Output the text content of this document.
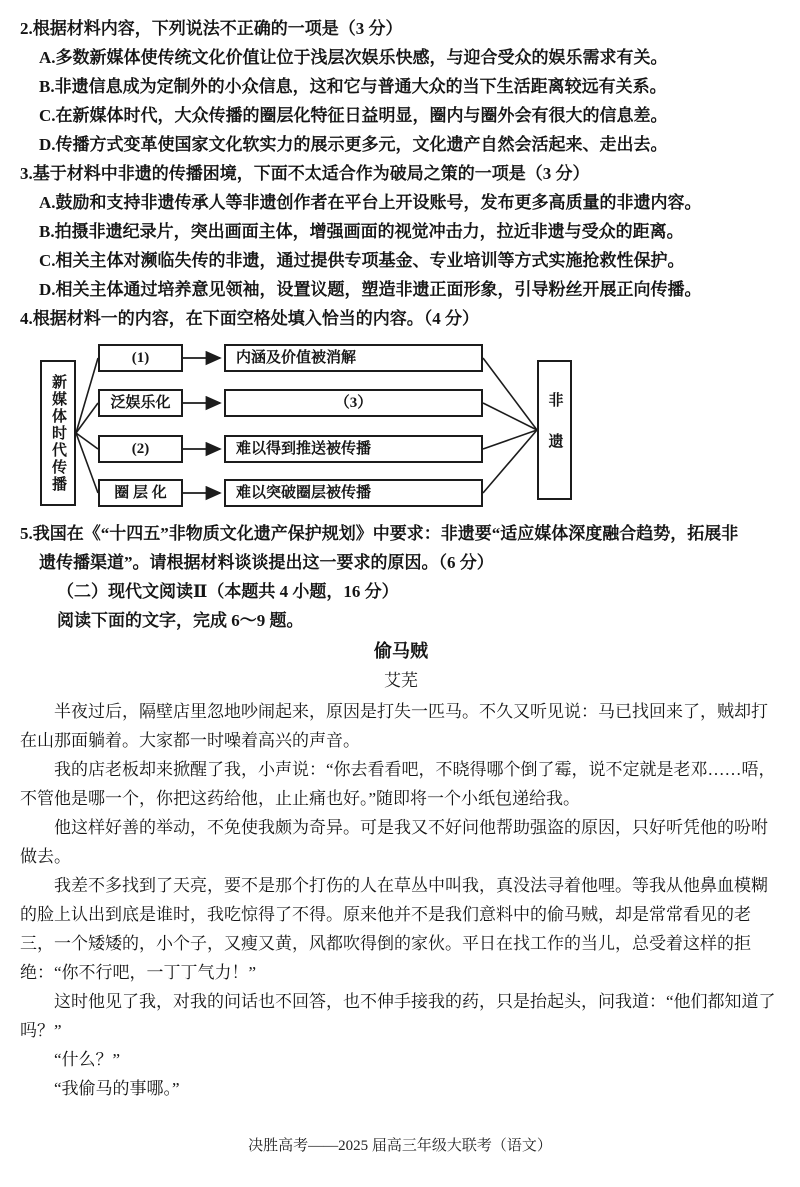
2.根据材料内容，下列说法不正确的一项是（3 分）
A.多数新媒体使传统文化价值让位于浅层次娱乐快感，与迎合受众的娱乐需求有关。
B.非遗信息成为定制外的小众信息，这和它与普通大众的当下生活距离较远有关系。
C.在新媒体时代，大众传播的圈层化特征日益明显，圈内与圈外会有很大的信息差。
D.传播方式变革使国家文化软实力的展示更多元，文化遗产自然会活起来、走出去。
3.基于材料中非遗的传播困境，下面不太适合作为破局之策的一项是（3 分）
A.鼓励和支持非遗传承人等非遗创作者在平台上开设账号，发布更多高质量的非遗内容。
B.拍摄非遗纪录片，突出画面主体，增强画面的视觉冲击力，拉近非遗与受众的距离。
C.相关主体对濒临失传的非遗，通过提供专项基金、专业培训等方式实施抢救性保护。
D.相关主体通过培养意见领袖，设置议题，塑造非遗正面形象，引导粉丝开展正向传播。
4.根据材料一的内容，在下面空格处填入恰当的内容。（4 分）
新媒体时代传播
(1)
泛娱乐化
(2)
圈 层 化
内涵及价值被消解
（3）
难以得到推送被传播
难以突破圈层被传播
非遗
5.我国在《“十四五”非物质文化遗产保护规划》中要求：非遗要“适应媒体深度融合趋势，拓展非
遗传播渠道”。请根据材料谈谈提出这一要求的原因。（6 分）
（二）现代文阅读Ⅱ（本题共 4 小题，16 分）
阅读下面的文字，完成 6～9 题。
偷马贼
艾芜

半夜过后，隔壁店里忽地吵闹起来，原因是打失一匹马。不久又听见说：马已找回来了，贼却打在山那面躺着。大家都一时噪着高兴的声音。

我的店老板却来掀醒了我，小声说：“你去看看吧，不晓得哪个倒了霉，说不定就是老邓……唔，不管他是哪一个，你把这药给他，止止痛也好。”随即将一个小纸包递给我。

他这样好善的举动，不免使我颇为奇异。可是我又不好问他帮助强盗的原因，只好听凭他的吩咐做去。

我差不多找到了天亮，要不是那个打伤的人在草丛中叫我，真没法寻着他哩。等我从他鼻血模糊的脸上认出到底是谁时，我吃惊得了不得。原来他并不是我们意料中的偷马贼，却是常常看见的老三，一个矮矮的，小个子，又瘦又黄，风都吹得倒的家伙。平日在找工作的当儿，总受着这样的拒绝：“你不行吧，一丁丁气力！”

这时他见了我，对我的问话也不回答，也不伸手接我的药，只是抬起头，问我道：“他们都知道了吗？”

“什么？”

“我偷马的事哪。”

决胜高考——2025 届高三年级大联考（语文）
